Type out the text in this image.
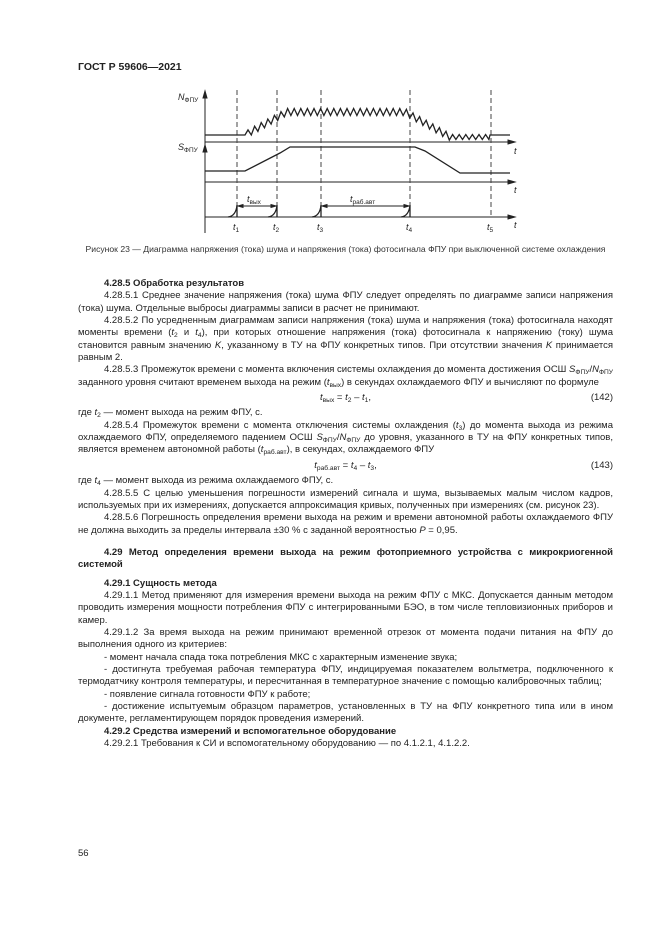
ГОСТ Р 59606—2021
$N_{ФПУ}$
$S_{ФПУ}$	t
t
t
$t_{вых}$	$t_{раб.авт}$
$t_1$	$t_2$	$t_3$	$t_4$	$t_5$
Рисунок 23 — Диаграмма напряжения (тока) шума и напряжения (тока) фотосигнала ФПУ при выключенной системе охлаждения

4.28.5 Обработка результатов

4.28.5.1 Среднее значение напряжения (тока) шума ФПУ следует определять по диаграмме записи напряжения (тока) шума. Отдельные выбросы диаграммы записи в расчет не принимают.

4.28.5.2 По усредненным диаграммам записи напряжения (тока) шума и напряжения (тока) фотосигнала находят моменты времени ($t_2$ и $t_4$), при которых отношение напряжения (тока) фотосигнала к напряжению (току) шума становится равным значению K, указанному в ТУ на ФПУ конкретных типов. При отсутствии значения K принимается равным 2.

4.28.5.3 Промежуток времени с момента включения системы охлаждения до момента достижения ОСШ $S_{ФПУ}/N_{ФПУ}$ заданного уровня считают временем выхода на режим $(t_{вых})$ в секундах охлаждаемого ФПУ и вычисляют по формуле

$t_{вых} = t_2 - t_1$,	(142)

где $t_2$ — момент выхода на режим ФПУ, с.

4.28.5.4 Промежуток времени с момента отключения системы охлаждения $(t_3)$ до момента выхода из режима охлаждаемого ФПУ, определяемого падением ОСШ $S_{ФПУ}/N_{ФПУ}$ до уровня, указанного в ТУ на ФПУ конкретных типов, является временем автономной работы $(t_{раб.авт})$, в секундах, охлаждаемого ФПУ

$t_{раб.авт} = t_4 - t_3$,	(143)

где $t_4$ — момент выхода из режима охлаждаемого ФПУ, с.

4.28.5.5 С целью уменьшения погрешности измерений сигнала и шума, вызываемых малым числом кадров, используемых при их измерениях, допускается аппроксимация кривых, полученных при измерениях (см. рисунок 23).

4.28.5.6 Погрешность определения времени выхода на режим и времени автономной работы охлаждаемого ФПУ не должна выходить за пределы интервала ±30 % с заданной вероятностью P = 0,95.

4.29 Метод определения времени выхода на режим фотоприемного устройства с микрокриогенной системой

4.29.1 Сущность метода

4.29.1.1 Метод применяют для измерения времени выхода на режим ФПУ с МКС. Допускается данным методом проводить измерения мощности потребления ФПУ с интегрированными БЭО, в том числе тепловизионных приборов и камер.

4.29.1.2 За время выхода на режим принимают временной отрезок от момента подачи питания на ФПУ до выполнения одного из критериев:

- момент начала спада тока потребления МКС с характерным изменение звука;

- достигнута требуемая рабочая температура ФПУ, индицируемая показателем вольтметра, подключенного к термодатчику контроля температуры, и пересчитанная в температурное значение с помощью калибровочных таблиц;

- появление сигнала готовности ФПУ к работе;

- достижение испытуемым образцом параметров, установленных в ТУ на ФПУ конкретного типа или в ином документе, регламентирующем порядок проведения измерений.

4.29.2 Средства измерений и вспомогательное оборудование

4.29.2.1 Требования к СИ и вспомогательному оборудованию — по 4.1.2.1, 4.1.2.2.

56
